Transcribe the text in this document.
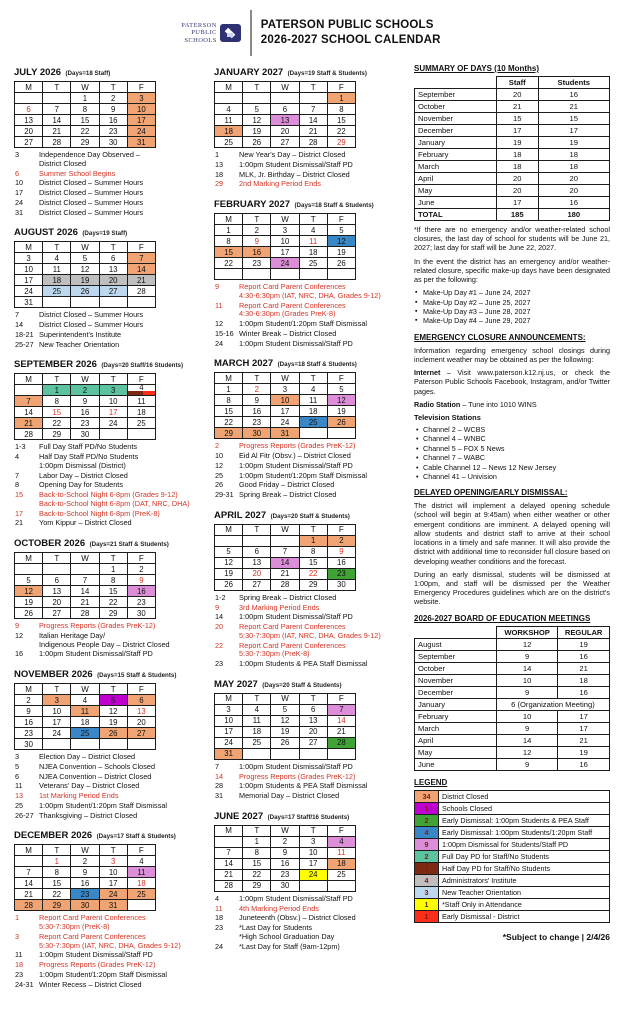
PATERSON
PUBLIC
SCHOOLS
PATERSON PUBLIC SCHOOLS
2026-2027 SCHOOL CALENDAR
JULY 2026 (Days=18 Staff)
M	T	W	T	F
		1	2	3
6	7	8	9	10
13	14	15	16	17
20	21	22	23	24
27	28	29	30	31
3	Independence Day Observed –
District Closed
6	Summer School Begins
10	District Closed – Summer Hours
17	District Closed – Summer Hours
24	District Closed – Summer Hours
31	District Closed – Summer Hours
AUGUST 2026 (Days=19 Staff)
M	T	W	T	F
3	4	5	6	7
10	11	12	13	14
17	18	19	20	21
24	25	26	27	28
31				
7	District Closed – Summer Hours
14	District Closed – Summer Hours
18-21 Superintendent's Institute
25-27 New Teacher Orientation
SEPTEMBER 2026 (Days=20 Staff/16 Students)
M	T	W	T	F
	1	2	3	4
7	8	9	10	11
14	15	16	17	18
21	22	23	24	25
28	29	30		
1-3	Full Day Staff PD/No Students
4	Half Day Staff PD/No Students
1:00pm Dismissal (District)
7	Labor Day – District Closed
8	Opening Day for Students
15	Back-to-School Night 6-8pm (Grades 9-12)
Back-to-School Night 6-8pm (DAT, NRC, DHA)
17	Back-to-School Night 6-8pm (PreK-8)
21	Yom Kippur – District Closed
OCTOBER 2026 (Days=21 Staff & Students)
M	T	W	T	F
			1	2
5	6	7	8	9
12	13	14	15	16
19	20	21	22	23
26	27	28	29	30
9	Progress Reports (Grades PreK-12)
12	Italian Heritage Day/
Indigenous People Day – District Closed
16	1:00pm Student Dismissal/Staff PD
NOVEMBER 2026 (Days=15 Staff & Students)
M	T	W	T	F
2	3	4	5	6
9	10	11	12	13
16	17	18	19	20
23	24	25	26	27
30				
3	Election Day – District Closed
5	NJEA Convention – Schools Closed
6	NJEA Convention – District Closed
11	Veterans' Day – District Closed
13	1st Marking Period Ends
25	1:00pm Student/1:20pm Staff Dismissal
26-27 Thanksgiving – District Closed
DECEMBER 2026 (Days=17 Staff & Students)
M	T	W	T	F
	1	2	3	4
7	8	9	10	11
14	15	16	17	18
21	22	23	24	25
28	29	30	31	
1	Report Card Parent Conferences
5:30-7:30pm (PreK-8)
3	Report Card Parent Conferences
5:30-7:30pm (IAT, NRC, DHA, Grades 9-12)
11	1:00pm Student Dismissal/Staff PD
18	Progress Reports (Grades PreK-12)
23	1:00pm Student/1:20pm Staff Dismissal
24-31 Winter Recess – District Closed
JANUARY 2027 (Days=19 Staff & Students)
M	T	W	T	F
				1
4	5	6	7	8
11	12	13	14	15
18	19	20	21	22
25	26	27	28	29
1	New Year's Day – District Closed
13	1:00pm Student Dismissal/Staff PD
18	MLK, Jr. Birthday – District Closed
29	2nd Marking Period Ends
FEBRUARY 2027 (Days=18 Staff & Students)
M	T	W	T	F
1	2	3	4	5
8	9	10	11	12
15	16	17	18	19
22	23	24	25	26

9	Report Card Parent Conferences
4:30-6:30pm (IAT, NRC, DHA, Grades 9-12)
11	Report Card Parent Conferences
4:30-6:30pm (Grades PreK-8)
12	1:00pm Student/1:20pm Staff Dismissal
15-16 Winter Break – District Closed
24	1:00pm Student Dismissal/Staff PD
MARCH 2027 (Days=18 Staff & Students)
M	T	W	T	F
1	2	3	4	5
8	9	10	11	12
15	16	17	18	19
22	23	24	25	26
29	30	31		
2	Progress Reports (Grades PreK-12)
10	Eid Al Fitr (Obsv.) – District Closed
12	1:00pm Student Dismissal/Staff PD
25	1:00pm Student/1:20pm Staff Dismissal
26	Good Friday – District Closed
29-31 Spring Break – District Closed
APRIL 2027 (Days=20 Staff & Students)
M	T	W	T	F
			1	2
5	6	7	8	9
12	13	14	15	16
19	20	21	22	23
26	27	28	29	30
1-2	Spring Break – District Closed
9	3rd Marking Period Ends
14	1:00pm Student Dismissal/Staff PD
20	Report Card Parent Conferences
5:30-7:30pm (IAT, NRC, DHA, Grades 9-12)
22	Report Card Parent Conferences
5:30-7:30pm (PreK-8)
23	1:00pm Students & PEA Staff Dismissal
MAY 2027 (Days=20 Staff & Students)
M	T	W	T	F
3	4	5	6	7
10	11	12	13	14
17	18	19	20	21
24	25	26	27	28
31				
7	1:00pm Student Dismissal/Staff PD
14	Progress Reports (Grades PreK-12)
28	1:00pm Students & PEA Staff Dismissal
31	Memorial Day – District Closed
JUNE 2027 (Days=17 Staff/16 Students)
M	T	W	T	F
	1	2	3	4
7	8	9	10	11
14	15	16	17	18
21	22	23	24	25
28	29	30		
4	1:00pm Student Dismissal/Staff PD
11	4th Marking Period Ends
18	Juneteenth (Obsv.) – District Closed
23	*Last Day for Students
*High School Graduation Day
24	*Last Day for Staff (9am-12pm)
SUMMARY OF DAYS (10 Months)
	Staff	Students
September	20	16
October	21	21
November	15	15
December	17	17
January	19	19
February	18	18
March	18	18
April	20	20
May	20	20
June	17	16
TOTAL	185	180

*If there are no emergency and/or weather-related school closures, the last day of school for students will be June 21, 2027; last day for staff will be June 22, 2027.

In the event the district has an emergency and/or weather-related closure, specific make-up days have been designated as per the following:

▪ Make-Up Day #1 – June 24, 2027
▪ Make-Up Day #2 – June 25, 2027
▪ Make-Up Day #3 – June 28, 2027
▪ Make-Up Day #4 – June 29, 2027
EMERGENCY CLOSURE ANNOUNCEMENTS:

Information regarding emergency school closings during inclement weather may be obtained as per the following:

Internet – Visit www.paterson.k12.nj.us, or check the Paterson Public Schools Facebook, Instagram, and/or Twitter pages.

Radio Station – Tune into 1010 WINS

Television Stations
• Channel 2 – WCBS
• Channel 4 – WNBC
• Channel 5 – FOX 5 News
• Channel 7 – WABC
• Cable Channel 12 – News 12 New Jersey
• Channel 41 – Univision
DELAYED OPENING/EARLY DISMISSAL:

The district will implement a delayed opening schedule (school will begin at 9:45am) when either weather or other emergent conditions are imminent. A delayed opening will allow students and district staff to arrive at their school locations in a timely and safe manner. It will also provide the district with additional time to reconsider full closure based on developing weather conditions and the forecast.

During an early dismissal, students will be dismissed at 1:00pm, and staff will be dismissed per the Weather Emergency Procedures guidelines which are on the district's website.

2026-2027 BOARD OF EDUCATION MEETINGS
	WORKSHOP	REGULAR
August	12	19
September	9	16
October	14	21
November	10	18
December	9	16
January	6 (Organization Meeting)	
February	10	17
March	9	17
April	14	21
May	12	19
June	9	16
LEGEND
34	District Closed
1	Schools Closed
2	Early Dismissal: 1:00pm Students & PEA Staff
4	Early Dismissal: 1:00pm Students/1:20pm Staff
9	1:00pm Dismissal for Students/Staff PD
2	Full Day PD for Staff/No Students
1	Half Day PD for Staff/No Students
4	Administrators' Institute
3	New Teacher Orientation
1	*Staff Only in Attendance
1	Early Dismissal - District
*Subject to change | 2/4/26
